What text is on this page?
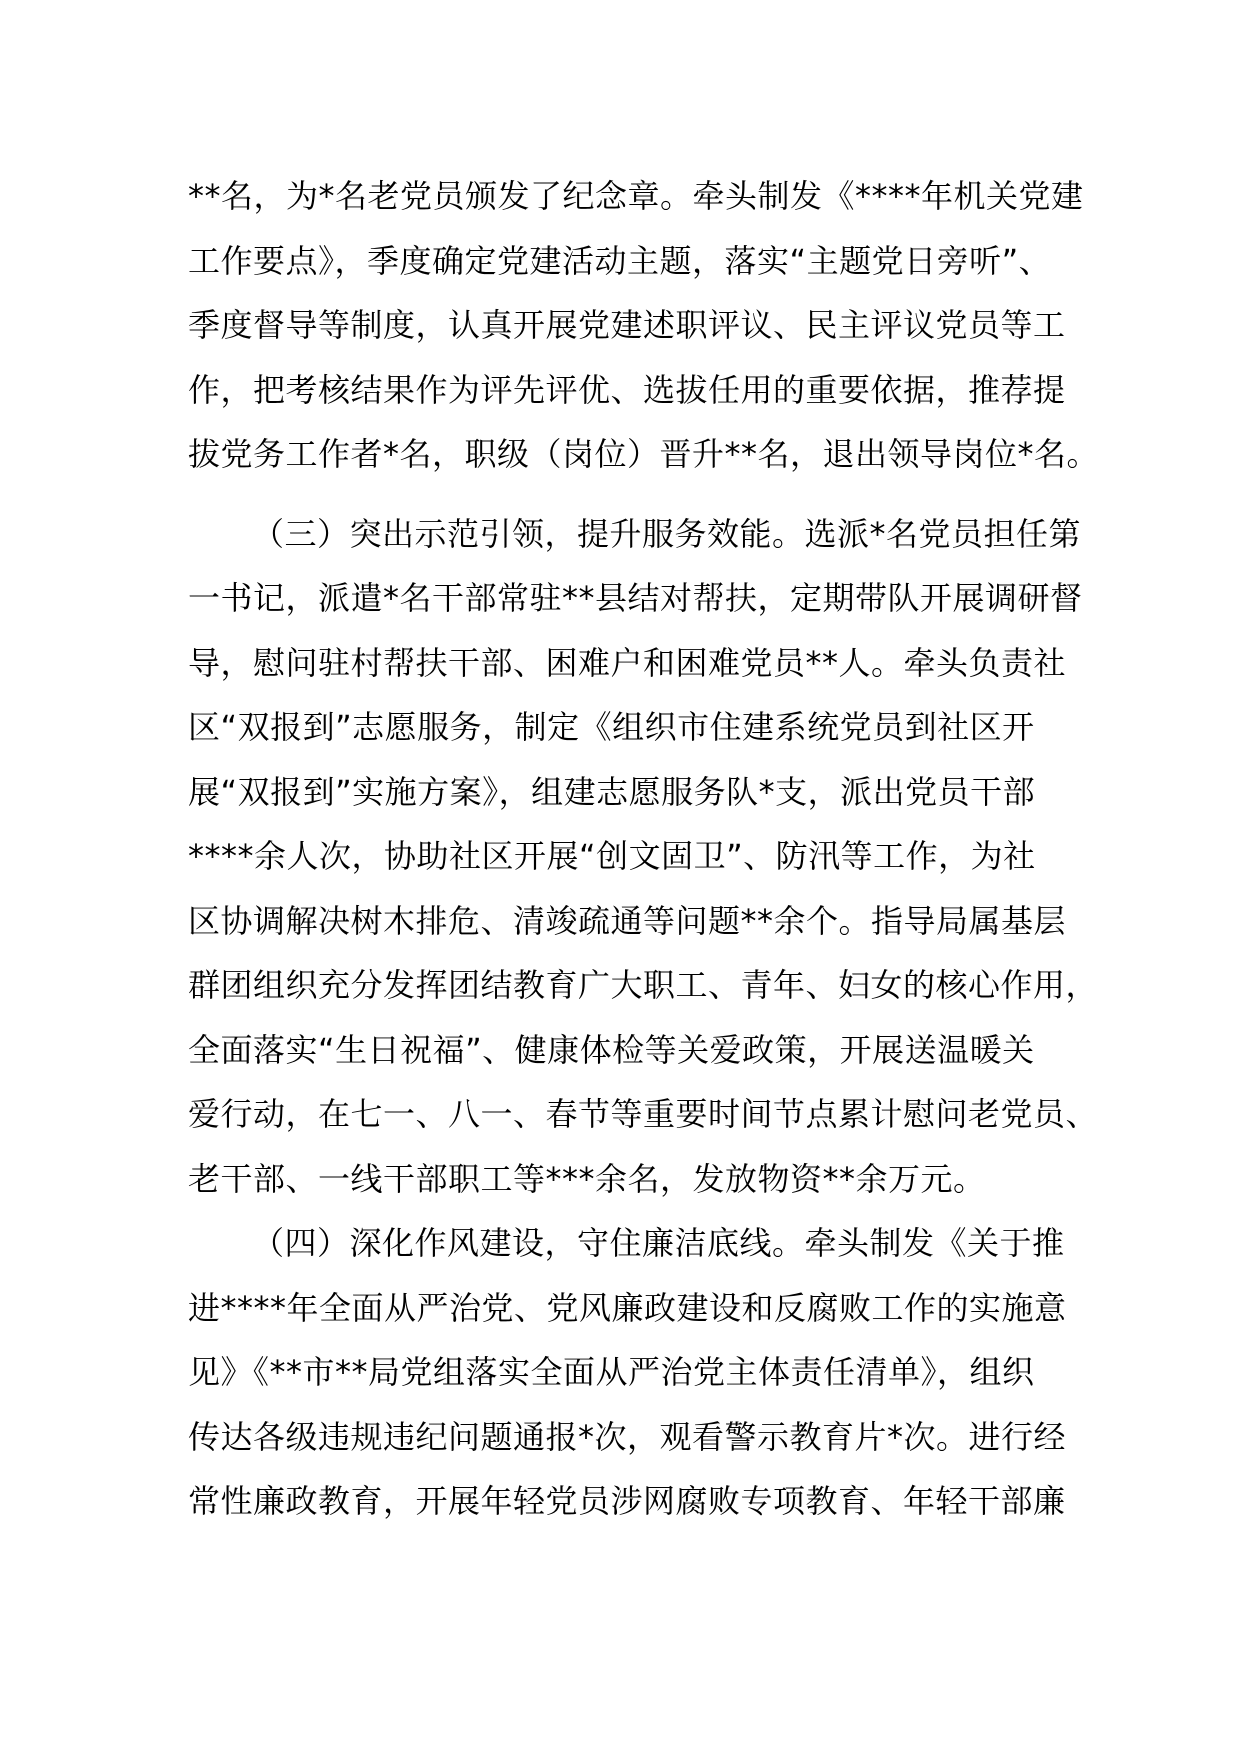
**名，为*名老党员颁发了纪念章。牵头制发《****年机关党建
工作要点》，季度确定党建活动主题，落实“主题党日旁听”、
季度督导等制度，认真开展党建述职评议、民主评议党员等工
作，把考核结果作为评先评优、选拔任用的重要依据，推荐提
拔党务工作者*名，职级（岗位）晋升**名，退出领导岗位*名。
（三）突出示范引领，提升服务效能。选派*名党员担任第
一书记，派遣*名干部常驻**县结对帮扶，定期带队开展调研督
导，慰问驻村帮扶干部、困难户和困难党员**人。牵头负责社
区“双报到”志愿服务，制定《组织市住建系统党员到社区开
展“双报到”实施方案》，组建志愿服务队*支，派出党员干部
****余人次，协助社区开展“创文固卫”、防汛等工作，为社
区协调解决树木排危、清竣疏通等问题**余个。指导局属基层
群团组织充分发挥团结教育广大职工、青年、妇女的核心作用，
全面落实“生日祝福”、健康体检等关爱政策，开展送温暖关
爱行动，在七一、八一、春节等重要时间节点累计慰问老党员、
老干部、一线干部职工等***余名，发放物资**余万元。
（四）深化作风建设，守住廉洁底线。牵头制发《关于推
进****年全面从严治党、党风廉政建设和反腐败工作的实施意
见》《**市**局党组落实全面从严治党主体责任清单》，组织
传达各级违规违纪问题通报*次，观看警示教育片*次。进行经
常性廉政教育，开展年轻党员涉网腐败专项教育、年轻干部廉
